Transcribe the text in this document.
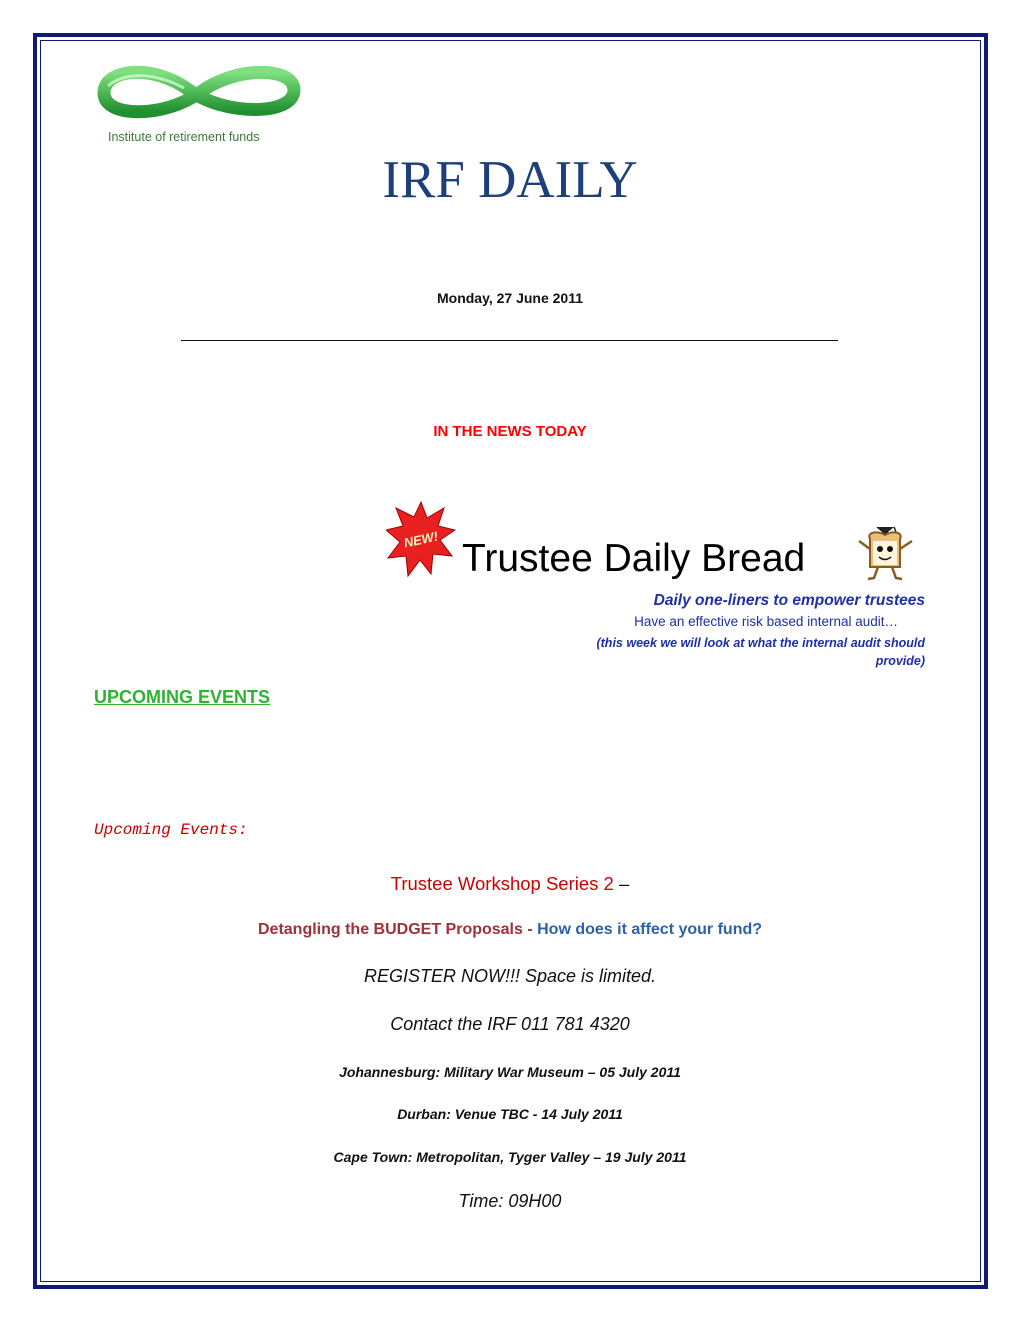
Institute of retirement funds
IRF DAILY
Monday, 27 June 2011
IN THE NEWS TODAY
NEW! Trustee Daily Bread
Daily one-liners to empower trustees
Have an effective risk based internal audit…
(this week we will look at what the internal audit should provide)
UPCOMING EVENTS
Upcoming Events:
Trustee Workshop Series 2 –
Detangling the BUDGET Proposals - How does it affect your fund?
REGISTER NOW!!! Space is limited.
Contact the IRF 011 781 4320
Johannesburg: Military War Museum – 05 July 2011
Durban: Venue TBC - 14 July 2011
Cape Town: Metropolitan, Tyger Valley – 19 July 2011
Time: 09H00
